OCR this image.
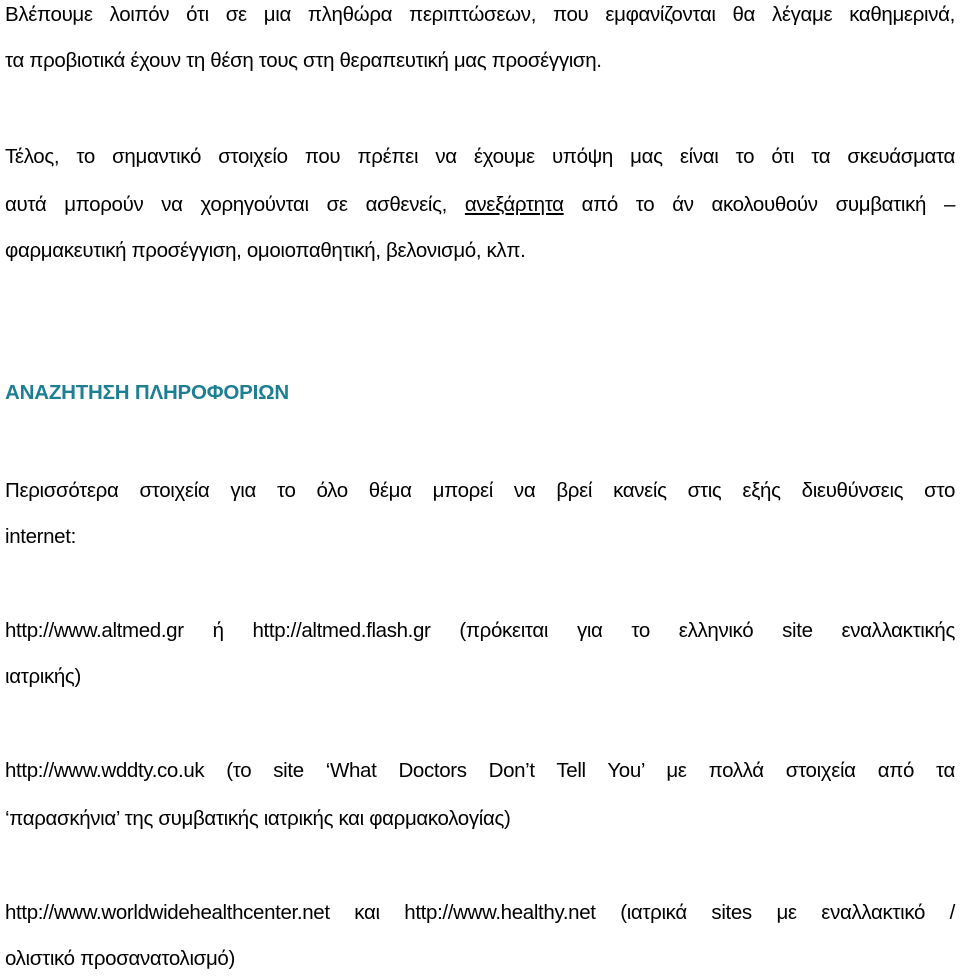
Βλέπουμε λοιπόν ότι σε μια πληθώρα περιπτώσεων, που εμφανίζονται θα λέγαμε καθημερινά,
τα προβιοτικά έχουν τη θέση τους στη θεραπευτική μας προσέγγιση.
Τέλος, το σημαντικό στοιχείο που πρέπει να έχουμε υπόψη μας είναι το ότι τα σκευάσματα
αυτά μπορούν να χορηγούνται σε ασθενείς, ανεξάρτητα από το άν ακολουθούν συμβατική –
φαρμακευτική προσέγγιση, ομοιοπαθητική, βελονισμό, κλπ.
ΑΝΑΖΗΤΗΣΗ ΠΛΗΡΟΦΟΡΙΩΝ
Περισσότερα στοιχεία για το όλο θέμα μπορεί να βρεί κανείς στις εξής διευθύνσεις στο
internet:
http://www.altmed.gr ή http://altmed.flash.gr (πρόκειται για το ελληνικό site εναλλακτικής
ιατρικής)
http://www.wddty.co.uk (το site ‘What Doctors Don’t Tell You’ με πολλά στοιχεία από τα
‘παρασκήνια’ της συμβατικής ιατρικής και φαρμακολογίας)
http://www.worldwidehealthcenter.net και http://www.healthy.net (ιατρικά sites με εναλλακτικό /
ολιστικό προσανατολισμό)
